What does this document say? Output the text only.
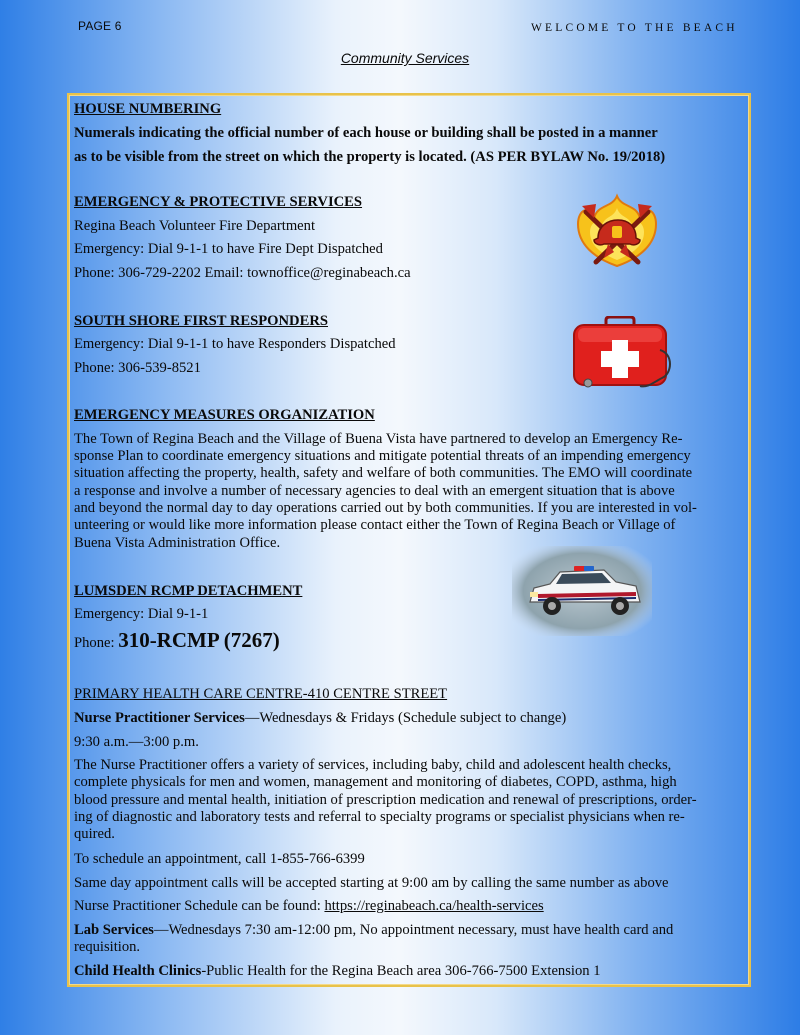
PAGE 6	WELCOME TO THE BEACH
Community Services
HOUSE NUMBERING
Numerals indicating the official number of each house or building shall be posted in a manner
as to be visible from the street on which the property is located. (AS PER BYLAW No. 19/2018)
EMERGENCY & PROTECTIVE SERVICES
Regina Beach Volunteer Fire Department
Emergency: Dial 9-1-1 to have Fire Dept Dispatched
Phone: 306-729-2202 Email: townoffice@reginabeach.ca
SOUTH SHORE FIRST RESPONDERS
Emergency: Dial 9-1-1 to have Responders Dispatched
Phone: 306-539-8521
EMERGENCY MEASURES ORGANIZATION
The Town of Regina Beach and the Village of Buena Vista have partnered to develop an Emergency Re-
sponse Plan to coordinate emergency situations and mitigate potential threats of an impending emergency
situation affecting the property, health, safety and welfare of both communities. The EMO will coordinate
a response and involve a number of necessary agencies to deal with an emergent situation that is above
and beyond the normal day to day operations carried out by both communities. If you are interested in vol-
unteering or would like more information please contact either the Town of Regina Beach or Village of
Buena Vista Administration Office.
LUMSDEN RCMP DETACHMENT
Emergency: Dial 9-1-1
Phone: 310-RCMP (7267)
PRIMARY HEALTH CARE CENTRE-410 CENTRE STREET
Nurse Practitioner Services—Wednesdays & Fridays (Schedule subject to change)
9:30 a.m.—3:00 p.m.
The Nurse Practitioner offers a variety of services, including baby, child and adolescent health checks,
complete physicals for men and women, management and monitoring of diabetes, COPD, asthma, high
blood pressure and mental health, initiation of prescription medication and renewal of prescriptions, order-
ing of diagnostic and laboratory tests and referral to specialty programs or specialist physicians when re-
quired.
To schedule an appointment, call 1-855-766-6399
Same day appointment calls will be accepted starting at 9:00 am by calling the same number as above
Nurse Practitioner Schedule can be found: https://reginabeach.ca/health-services
Lab Services—Wednesdays 7:30 am-12:00 pm, No appointment necessary, must have health card and
requisition.
Child Health Clinics-Public Health for the Regina Beach area 306-766-7500 Extension 1
